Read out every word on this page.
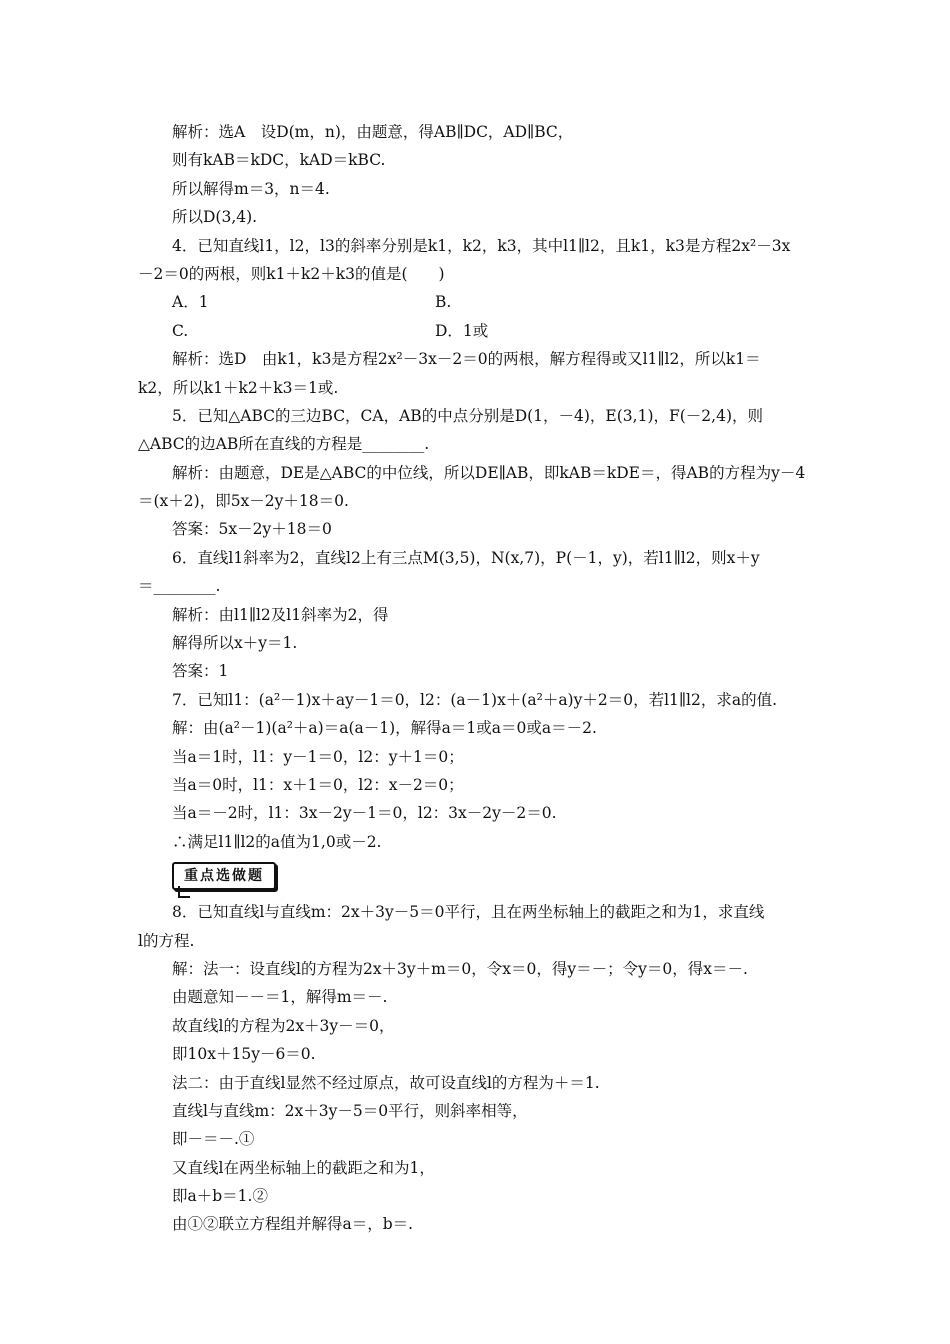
解析：选A　设D(m，n)，由题意，得AB∥DC，AD∥BC，
则有kAB＝kDC，kAD＝kBC.
所以解得m＝3，n＝4.
所以D(3,4).
4．已知直线l1，l2，l3的斜率分别是k1，k2，k3，其中l1∥l2，且k1，k3是方程2x²－3x
－2＝0的两根，则k1＋k2＋k3的值是(　　)
A．1	B.
C.	D．1或
解析：选D　由k1，k3是方程2x²－3x－2＝0的两根，解方程得或又l1∥l2，所以k1＝
k2，所以k1＋k2＋k3＝1或.
5．已知△ABC的三边BC，CA，AB的中点分别是D(1，－4)，E(3,1)，F(－2,4)，则
△ABC的边AB所在直线的方程是________.
解析：由题意，DE是△ABC的中位线，所以DE∥AB，即kAB＝kDE＝，得AB的方程为y－4
＝(x＋2)，即5x－2y＋18＝0.
答案：5x－2y＋18＝0
6．直线l1斜率为2，直线l2上有三点M(3,5)，N(x,7)，P(－1，y)，若l1∥l2，则x＋y
＝________.
解析：由l1∥l2及l1斜率为2，得
解得所以x＋y＝1.
答案：1
7．已知l1：(a²－1)x＋ay－1＝0，l2：(a－1)x＋(a²＋a)y＋2＝0，若l1∥l2，求a的值.
解：由(a²－1)(a²＋a)＝a(a－1)，解得a＝1或a＝0或a＝－2.
当a＝1时，l1：y－1＝0，l2：y＋1＝0；
当a＝0时，l1：x＋1＝0，l2：x－2＝0；
当a＝－2时，l1：3x－2y－1＝0，l2：3x－2y－2＝0.
∴满足l1∥l2的a值为1,0或－2.
重点选做题
8．已知直线l与直线m：2x＋3y－5＝0平行，且在两坐标轴上的截距之和为1，求直线
l的方程.
解：法一：设直线l的方程为2x＋3y＋m＝0，令x＝0，得y＝－；令y＝0，得x＝－.
由题意知－－＝1，解得m＝－.
故直线l的方程为2x＋3y－＝0，
即10x＋15y－6＝0.
法二：由于直线l显然不经过原点，故可设直线l的方程为＋＝1.
直线l与直线m：2x＋3y－5＝0平行，则斜率相等，
即－＝－.①
又直线l在两坐标轴上的截距之和为1，
即a＋b＝1.②
由①②联立方程组并解得a＝，b＝.
